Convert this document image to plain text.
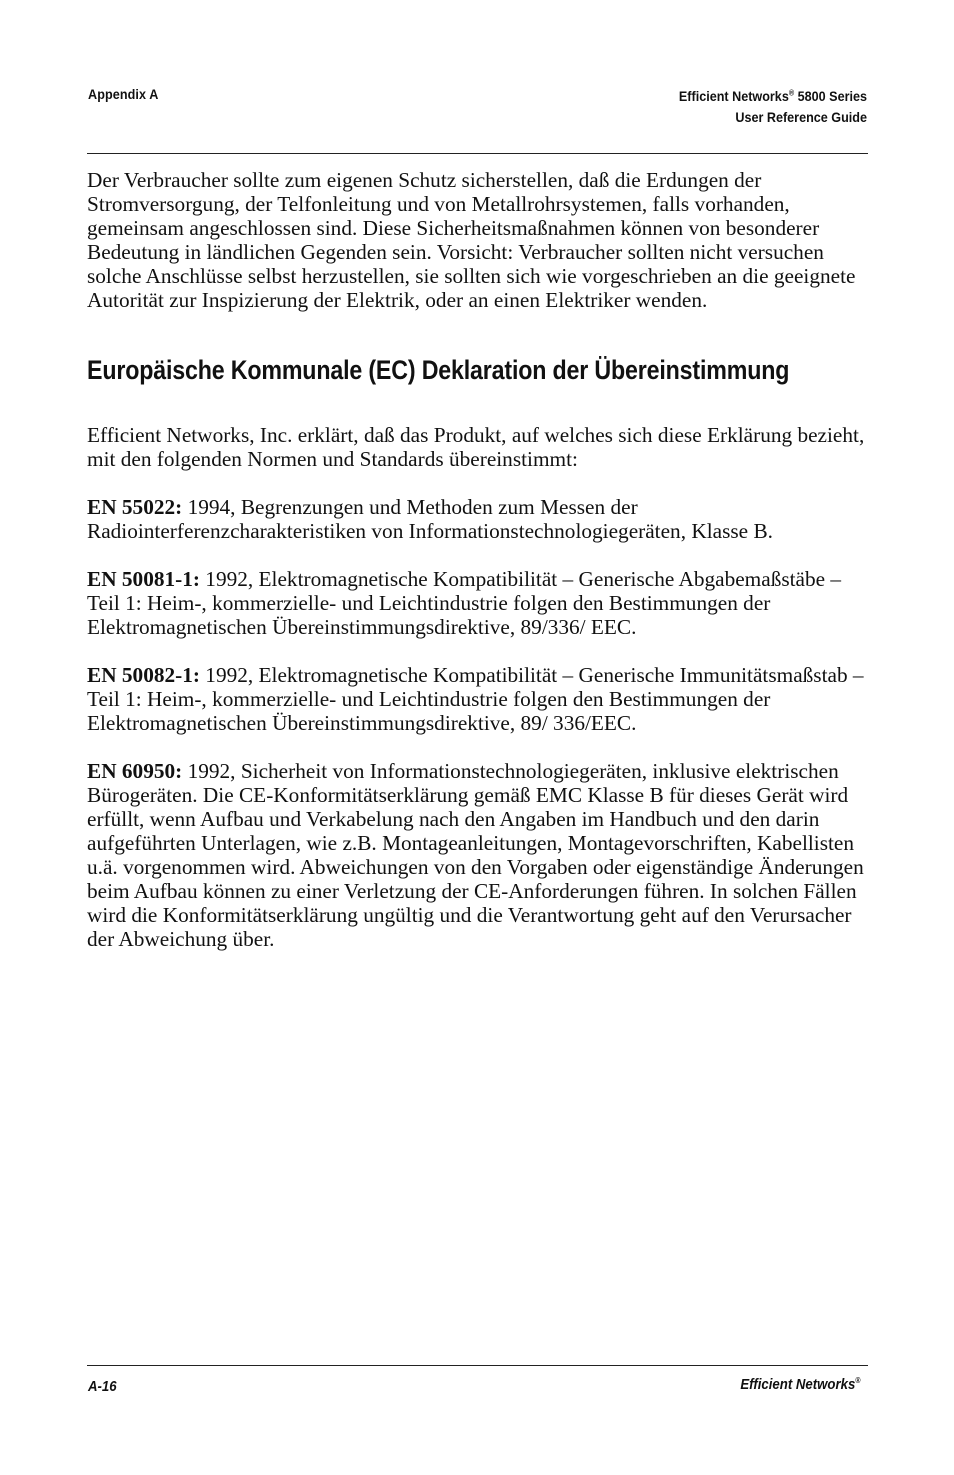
Appendix A	Efficient Networks® 5800 Series
User Reference Guide

Der Verbraucher sollte zum eigenen Schutz sicherstellen, daß die Erdungen der Stromversorgung, der Telfonleitung und von Metallrohrsystemen, falls vorhanden, gemeinsam angeschlossen sind. Diese Sicherheitsmaßnahmen können von besonderer Bedeutung in ländlichen Gegenden sein. Vorsicht: Verbraucher sollten nicht versuchen solche Anschlüsse selbst herzustellen, sie sollten sich wie vorgeschrieben an die geeignete Autorität zur Inspizierung der Elektrik, oder an einen Elektriker wenden.

Europäische Kommunale (EC) Deklaration der Übereinstimmung

Efficient Networks, Inc. erklärt, daß das Produkt, auf welches sich diese Erklärung bezieht, mit den folgenden Normen und Standards übereinstimmt:

EN 55022: 1994, Begrenzungen und Methoden zum Messen der Radiointerferenzcharakteristiken von Informationstechnologiegeräten, Klasse B.

EN 50081-1: 1992, Elektromagnetische Kompatibilität – Generische Abgabemaßstäbe – Teil 1: Heim-, kommerzielle- und Leichtindustrie folgen den Bestimmungen der Elektromagnetischen Übereinstimmungsdirektive, 89/336/ EEC.

EN 50082-1: 1992, Elektromagnetische Kompatibilität – Generische Immunitätsmaßstab – Teil 1: Heim-, kommerzielle- und Leichtindustrie folgen den Bestimmungen der Elektromagnetischen Übereinstimmungsdirektive, 89/ 336/EEC.

EN 60950: 1992, Sicherheit von Informationstechnologiegeräten, inklusive elektrischen Bürogeräten. Die CE-Konformitätserklärung gemäß EMC Klasse B für dieses Gerät wird erfüllt, wenn Aufbau und Verkabelung nach den Angaben im Handbuch und den darin aufgeführten Unterlagen, wie z.B. Montageanleitungen, Montagevorschriften, Kabellisten u.ä. vorgenommen wird. Abweichungen von den Vorgaben oder eigenständige Änderungen beim Aufbau können zu einer Verletzung der CE-Anforderungen führen. In solchen Fällen wird die Konformitätserklärung ungültig und die Verantwortung geht auf den Verursacher der Abweichung über.

A-16	Efficient Networks®
